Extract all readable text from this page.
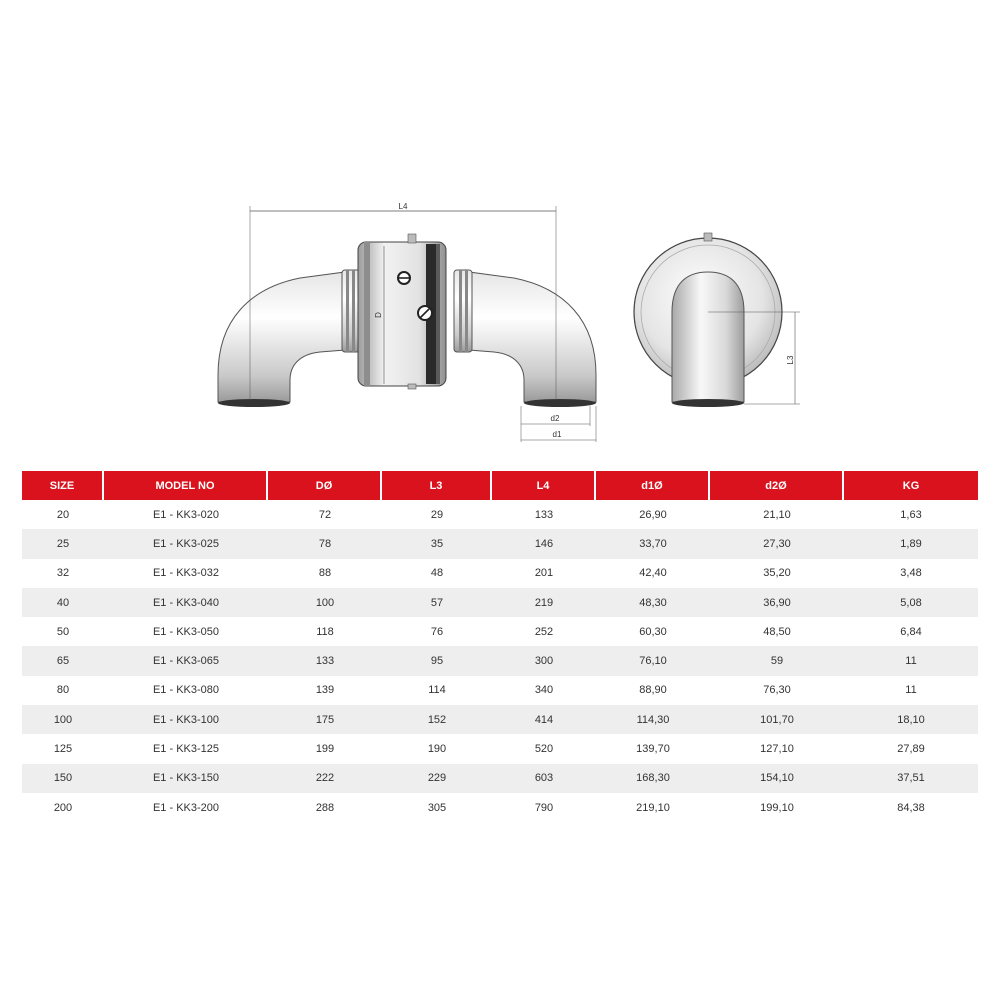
L4
D
d2
d1
L3
SIZE	MODEL NO	DØ	L3	L4	d1Ø	d2Ø	KG
20	E1 - KK3-020	72	29	133	26,90	21,10	1,63
25	E1 - KK3-025	78	35	146	33,70	27,30	1,89
32	E1 - KK3-032	88	48	201	42,40	35,20	3,48
40	E1 - KK3-040	100	57	219	48,30	36,90	5,08
50	E1 - KK3-050	118	76	252	60,30	48,50	6,84
65	E1 - KK3-065	133	95	300	76,10	59	11
80	E1 - KK3-080	139	114	340	88,90	76,30	11
100	E1 - KK3-100	175	152	414	114,30	101,70	18,10
125	E1 - KK3-125	199	190	520	139,70	127,10	27,89
150	E1 - KK3-150	222	229	603	168,30	154,10	37,51
200	E1 - KK3-200	288	305	790	219,10	199,10	84,38
